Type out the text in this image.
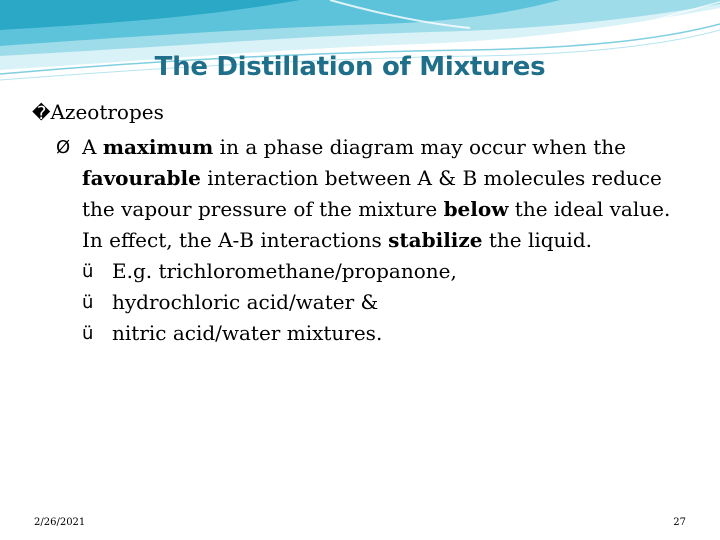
The Distillation of Mixtures
�Azeotropes
Ø A maximum in a phase diagram may occur when the favourable interaction between A & B molecules reduce the vapour pressure of the mixture below the ideal value. In effect, the A-B interactions stabilize the liquid.
ü E.g. trichloromethane/propanone,
ü hydrochloric acid/water &
ü nitric acid/water mixtures.
2/26/2021	27
